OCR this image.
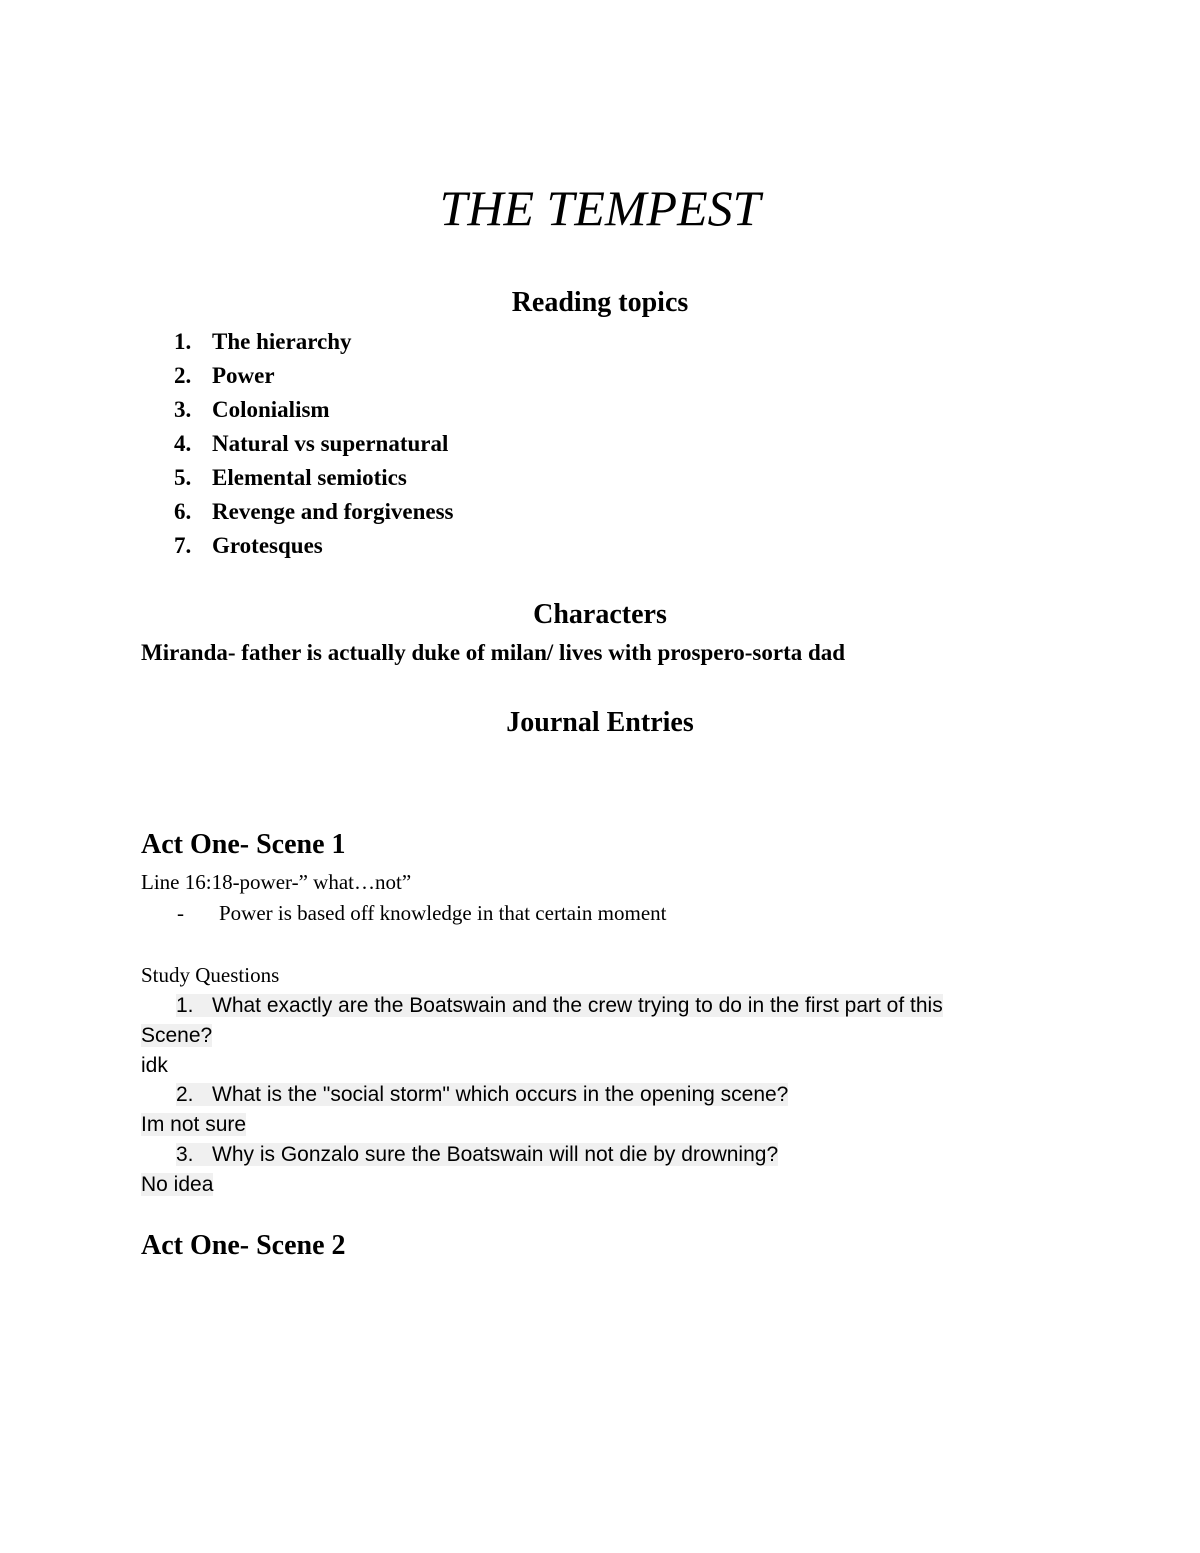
THE TEMPEST
Reading topics
1. The hierarchy
2. Power
3. Colonialism
4. Natural vs supernatural
5. Elemental semiotics
6. Revenge and forgiveness
7. Grotesques
Characters
Miranda- father is actually duke of milan/ lives with prospero-sorta dad
Journal Entries
Act One- Scene 1
Line 16:18-power-” what…not”
- Power is based off knowledge in that certain moment
Study Questions
1. What exactly are the Boatswain and the crew trying to do in the first part of this
Scene?
idk
2. What is the "social storm" which occurs in the opening scene?
Im not sure
3. Why is Gonzalo sure the Boatswain will not die by drowning?
No idea
Act One- Scene 2
